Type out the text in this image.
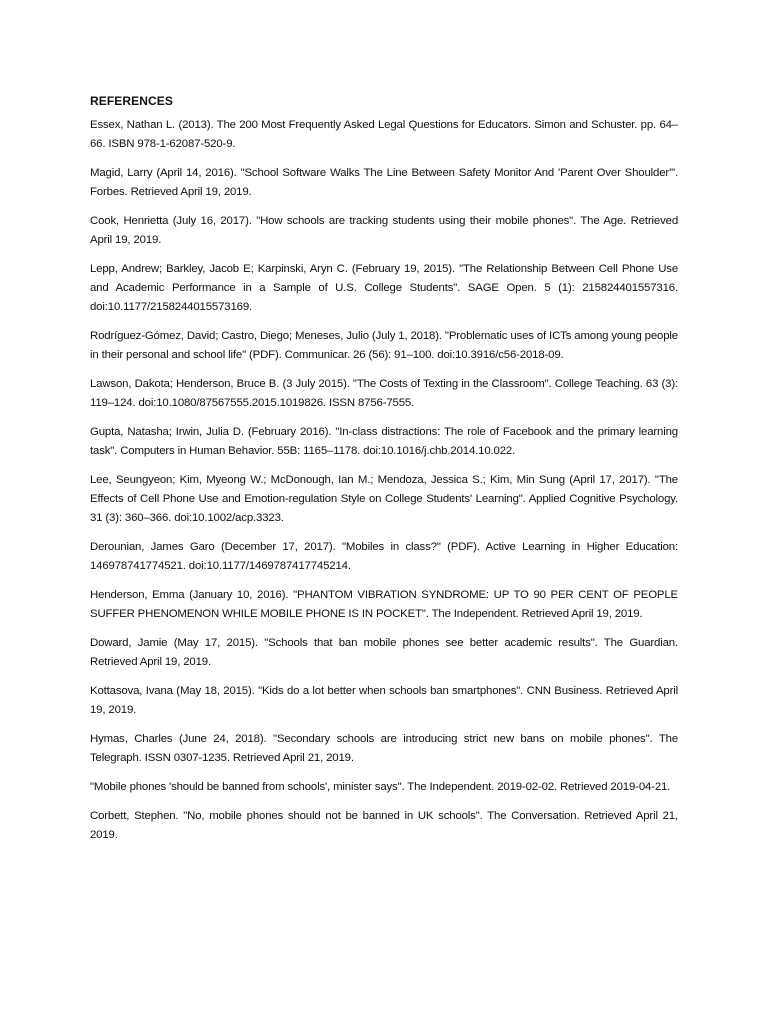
REFERENCES
Essex, Nathan L. (2013). The 200 Most Frequently Asked Legal Questions for Educators. Simon and Schuster. pp. 64–66. ISBN 978-1-62087-520-9.
Magid, Larry (April 14, 2016). "School Software Walks The Line Between Safety Monitor And 'Parent Over Shoulder'". Forbes. Retrieved April 19, 2019.
Cook, Henrietta (July 16, 2017). "How schools are tracking students using their mobile phones". The Age. Retrieved April 19, 2019.
Lepp, Andrew; Barkley, Jacob E; Karpinski, Aryn C. (February 19, 2015). "The Relationship Between Cell Phone Use and Academic Performance in a Sample of U.S. College Students". SAGE Open. 5 (1): 215824401557316. doi:10.1177/2158244015573169.
Rodríguez-Gómez, David; Castro, Diego; Meneses, Julio (July 1, 2018). "Problematic uses of ICTs among young people in their personal and school life" (PDF). Communicar. 26 (56): 91–100. doi:10.3916/c56-2018-09.
Lawson, Dakota; Henderson, Bruce B. (3 July 2015). "The Costs of Texting in the Classroom". College Teaching. 63 (3): 119–124. doi:10.1080/87567555.2015.1019826. ISSN 8756-7555.
Gupta, Natasha; Irwin, Julia D. (February 2016). "In-class distractions: The role of Facebook and the primary learning task". Computers in Human Behavior. 55B: 1165–1178. doi:10.1016/j.chb.2014.10.022.
Lee, Seungyeon; Kim, Myeong W.; McDonough, Ian M.; Mendoza, Jessica S.; Kim, Min Sung (April 17, 2017). "The Effects of Cell Phone Use and Emotion-regulation Style on College Students' Learning". Applied Cognitive Psychology. 31 (3): 360–366. doi:10.1002/acp.3323.
Derounian, James Garo (December 17, 2017). "Mobiles in class?" (PDF). Active Learning in Higher Education: 146978741774521. doi:10.1177/1469787417745214.
Henderson, Emma (January 10, 2016). "PHANTOM VIBRATION SYNDROME: UP TO 90 PER CENT OF PEOPLE SUFFER PHENOMENON WHILE MOBILE PHONE IS IN POCKET". The Independent. Retrieved April 19, 2019.
Doward, Jamie (May 17, 2015). "Schools that ban mobile phones see better academic results". The Guardian. Retrieved April 19, 2019.
Kottasova, Ivana (May 18, 2015). "Kids do a lot better when schools ban smartphones". CNN Business. Retrieved April 19, 2019.
Hymas, Charles (June 24, 2018). "Secondary schools are introducing strict new bans on mobile phones". The Telegraph. ISSN 0307-1235. Retrieved April 21, 2019.
"Mobile phones 'should be banned from schools', minister says". The Independent. 2019-02-02. Retrieved 2019-04-21.
Corbett, Stephen. "No, mobile phones should not be banned in UK schools". The Conversation. Retrieved April 21, 2019.
